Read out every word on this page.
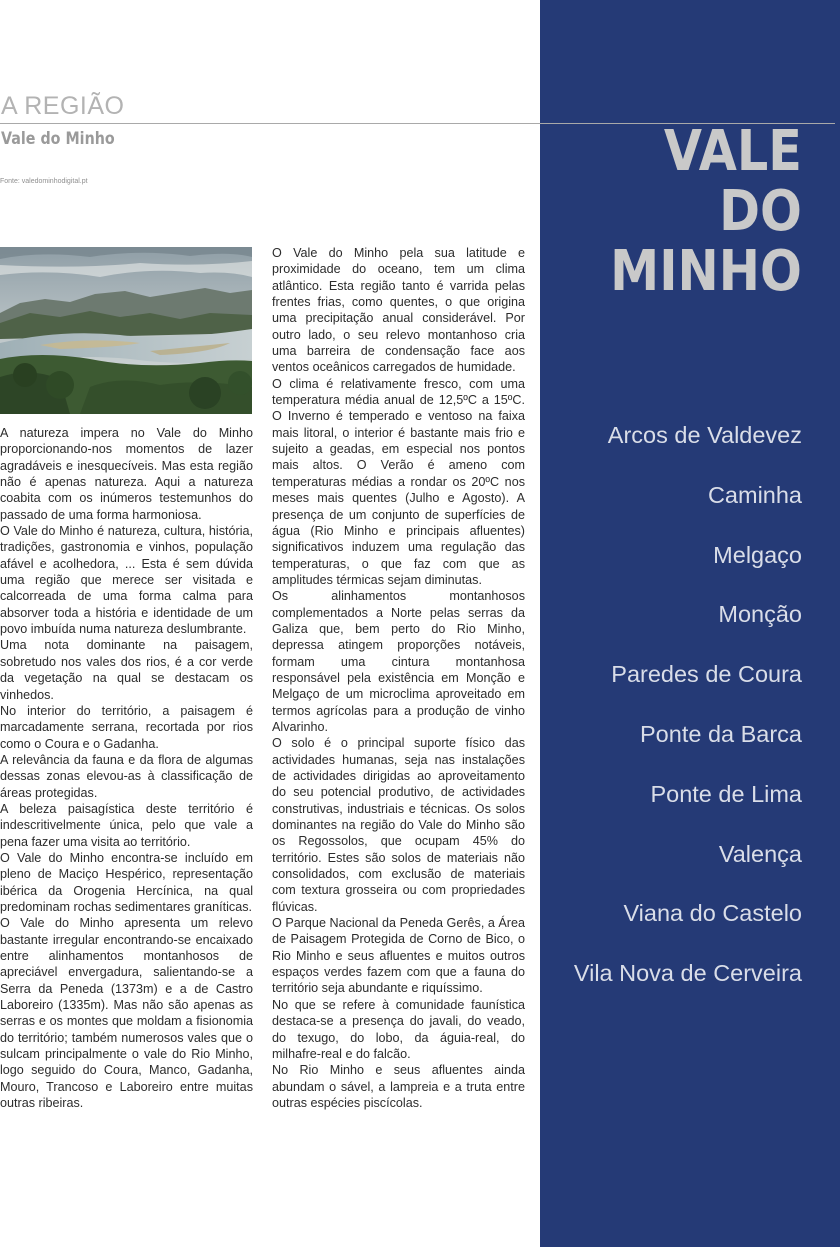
A REGIÃO
Vale do Minho
Fonte: valedominhodigital.pt	VALE
DO
MINHO
Arcos de Valdevez
Caminha
Melgaço
Monção
Paredes de Coura
Ponte da Barca
Ponte de Lima
Valença
Viana do Castelo
Vila Nova de Cerveira

A natureza impera no Vale do Minho proporcionando-nos momentos de lazer agradáveis e inesquecíveis. Mas esta região não é apenas natureza. Aqui a natureza coabita com os inúmeros testemunhos do passado de uma forma harmoniosa.

O Vale do Minho é natureza, cultura, história, tradições, gastronomia e vinhos, população afável e acolhedora, ... Esta é sem dúvida uma região que merece ser visitada e calcorreada de uma forma calma para absorver toda a história e identidade de um povo imbuída numa natureza deslumbrante.

Uma nota dominante na paisagem, sobretudo nos vales dos rios, é a cor verde da vegetação na qual se destacam os vinhedos.

No interior do território, a paisagem é marcadamente serrana, recortada por rios como o Coura e o Gadanha.

A relevância da fauna e da flora de algumas dessas zonas elevou-as à classificação de áreas protegidas.

A beleza paisagística deste território é indescritivelmente única, pelo que vale a pena fazer uma visita ao território.

O Vale do Minho encontra-se incluído em pleno de Maciço Hespérico, representação ibérica da Orogenia Hercínica, na qual predominam rochas sedimentares graníticas.

O Vale do Minho apresenta um relevo bastante irregular encontrando-se encaixado entre alinhamentos montanhosos de apreciável envergadura, salientando-se a Serra da Peneda (1373m) e a de Castro Laboreiro (1335m). Mas não são apenas as serras e os montes que moldam a fisionomia do território; também numerosos vales que o sulcam principalmente o vale do Rio Minho, logo seguido do Coura, Manco, Gadanha, Mouro, Trancoso e Laboreiro entre muitas outras ribeiras.

O Vale do Minho pela sua latitude e proximidade do oceano, tem um clima atlântico. Esta região tanto é varrida pelas frentes frias, como quentes, o que origina uma precipitação anual considerável. Por outro lado, o seu relevo montanhoso cria uma barreira de condensação face aos ventos oceânicos carregados de humidade.

O clima é relativamente fresco, com uma temperatura média anual de 12,5ºC a 15ºC. O Inverno é temperado e ventoso na faixa mais litoral, o interior é bastante mais frio e sujeito a geadas, em especial nos pontos mais altos. O Verão é ameno com temperaturas médias a rondar os 20ºC nos meses mais quentes (Julho e Agosto). A presença de um conjunto de superfícies de água (Rio Minho e principais afluentes) significativos induzem uma regulação das temperaturas, o que faz com que as amplitudes térmicas sejam diminutas.

Os alinhamentos montanhosos complementados a Norte pelas serras da Galiza que, bem perto do Rio Minho, depressa atingem proporções notáveis, formam uma cintura montanhosa responsável pela existência em Monção e Melgaço de um microclima aproveitado em termos agrícolas para a produção de vinho Alvarinho.

O solo é o principal suporte físico das actividades humanas, seja nas instalações de actividades dirigidas ao aproveitamento do seu potencial produtivo, de actividades construtivas, industriais e técnicas. Os solos dominantes na região do Vale do Minho são os Regossolos, que ocupam 45% do território. Estes são solos de materiais não consolidados, com exclusão de materiais com textura grosseira ou com propriedades flúvicas.

O Parque Nacional da Peneda Gerês, a Área de Paisagem Protegida de Corno de Bico, o Rio Minho e seus afluentes e muitos outros espaços verdes fazem com que a fauna do território seja abundante e riquíssimo.

No que se refere à comunidade faunística destaca-se a presença do javali, do veado, do texugo, do lobo, da águia-real, do milhafre-real e do falcão.

No Rio Minho e seus afluentes ainda abundam o sável, a lampreia e a truta entre outras espécies piscícolas.
